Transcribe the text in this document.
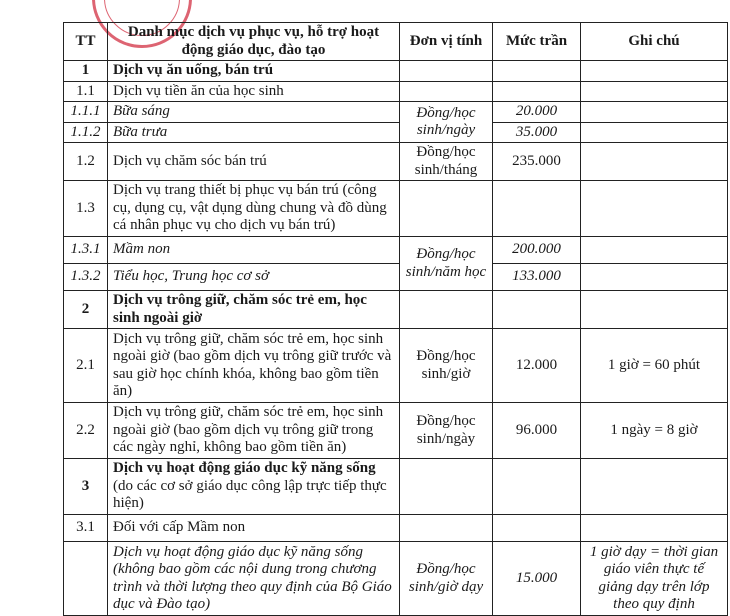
TT	Danh mục dịch vụ phục vụ, hỗ trợ hoạt động giáo dục, đào tạo	Đơn vị tính	Mức trần	Ghi chú
1	Dịch vụ ăn uống, bán trú			
1.1	Dịch vụ tiền ăn của học sinh			
1.1.1	Bữa sáng	Đồng/học sinh/ngày	20.000	
1.1.2	Bữa trưa		35.000	
1.2	Dịch vụ chăm sóc bán trú	Đồng/học sinh/tháng	235.000	
1.3	Dịch vụ trang thiết bị phục vụ bán trú (công cụ, dụng cụ, vật dụng dùng chung và đồ dùng cá nhân phục vụ cho dịch vụ bán trú)			
1.3.1	Mầm non	Đồng/học sinh/năm học	200.000	
1.3.2	Tiểu học, Trung học cơ sở		133.000	
2	Dịch vụ trông giữ, chăm sóc trẻ em, học sinh ngoài giờ			
2.1	Dịch vụ trông giữ, chăm sóc trẻ em, học sinh ngoài giờ (bao gồm dịch vụ trông giữ trước và sau giờ học chính khóa, không bao gồm tiền ăn)	Đồng/học sinh/giờ	12.000	1 giờ = 60 phút
2.2	Dịch vụ trông giữ, chăm sóc trẻ em, học sinh ngoài giờ (bao gồm dịch vụ trông giữ trong các ngày nghỉ, không bao gồm tiền ăn)	Đồng/học sinh/ngày	96.000	1 ngày = 8 giờ
3	Dịch vụ hoạt động giáo dục kỹ năng sống
(do các cơ sở giáo dục công lập trực tiếp thực hiện)			
3.1	Đối với cấp Mầm non			
	Dịch vụ hoạt động giáo dục kỹ năng sống (không bao gồm các nội dung trong chương trình và thời lượng theo quy định của Bộ Giáo dục và Đào tạo)	Đồng/học sinh/giờ dạy	15.000	1 giờ dạy = thời gian giáo viên thực tế giảng dạy trên lớp theo quy định
